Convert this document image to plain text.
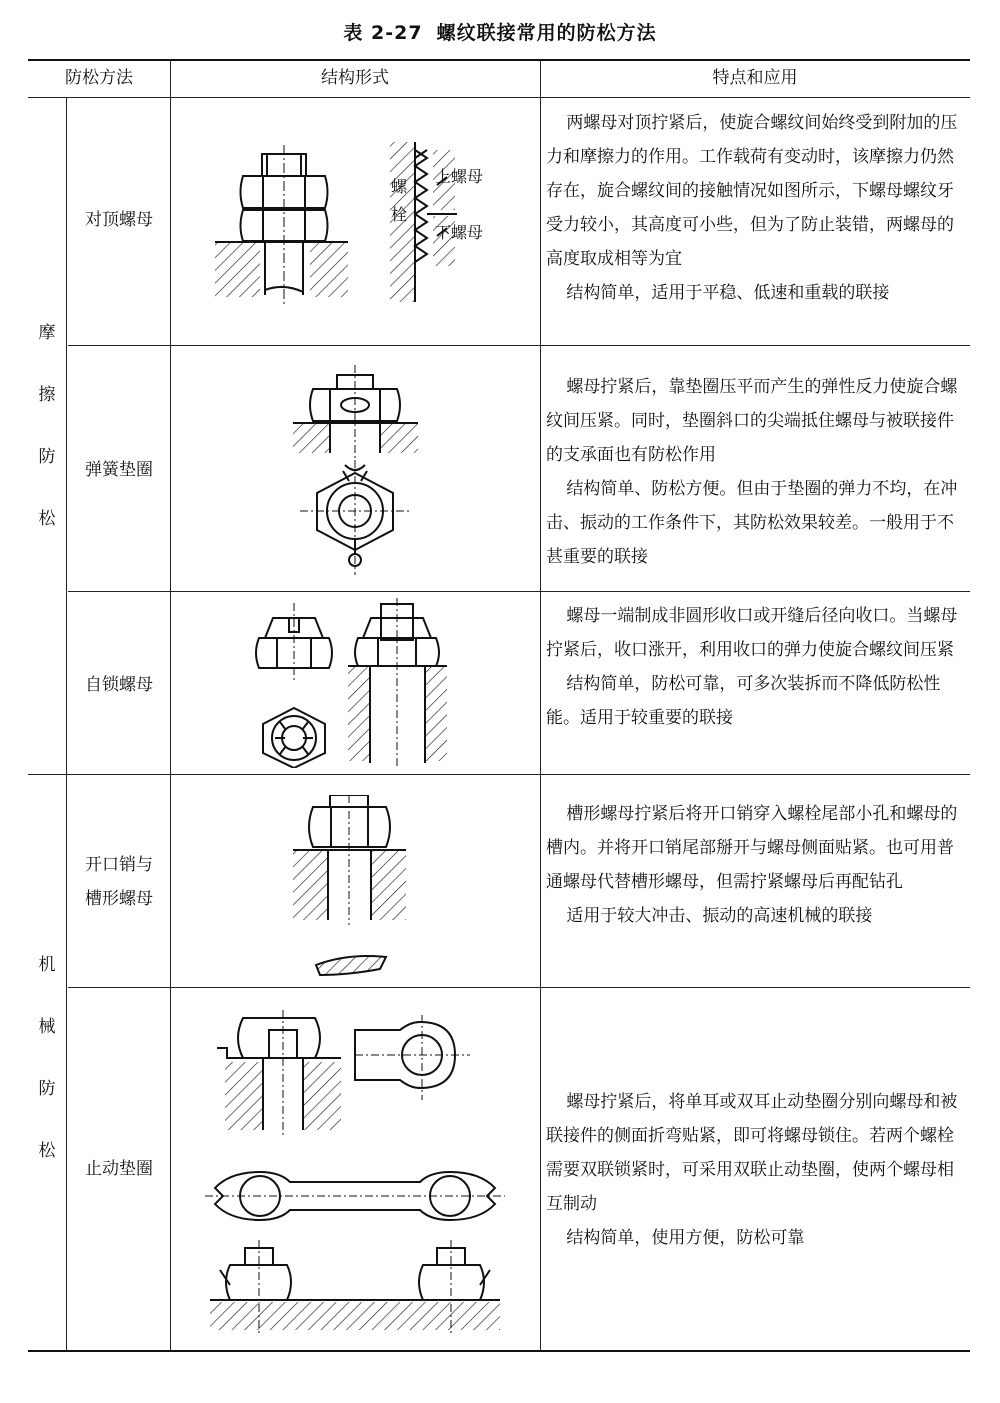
表 2-27 螺纹联接常用的防松方法
防松方法	结构形式	特点和应用
摩
擦
防
松
机
械
防
松
对顶螺母
弹簧垫圈
自锁螺母
开口销与
槽形螺母
止动垫圈

两螺母对顶拧紧后，使旋合螺纹间始终受到附加的压力和摩擦力的作用。工作载荷有变动时，该摩擦力仍然存在，旋合螺纹间的接触情况如图所示，下螺母螺纹牙受力较小，其高度可小些，但为了防止装错，两螺母的高度取成相等为宜

结构简单，适用于平稳、低速和重载的联接

螺母拧紧后，靠垫圈压平而产生的弹性反力使旋合螺纹间压紧。同时，垫圈斜口的尖端抵住螺母与被联接件的支承面也有防松作用

结构简单、防松方便。但由于垫圈的弹力不均，在冲击、振动的工作条件下，其防松效果较差。一般用于不甚重要的联接

螺母一端制成非圆形收口或开缝后径向收口。当螺母拧紧后，收口涨开，利用收口的弹力使旋合螺纹间压紧

结构简单，防松可靠，可多次装拆而不降低防松性能。适用于较重要的联接

槽形螺母拧紧后将开口销穿入螺栓尾部小孔和螺母的槽内。并将开口销尾部掰开与螺母侧面贴紧。也可用普通螺母代替槽形螺母，但需拧紧螺母后再配钻孔

适用于较大冲击、振动的高速机械的联接

螺母拧紧后，将单耳或双耳止动垫圈分别向螺母和被联接件的侧面折弯贴紧，即可将螺母锁住。若两个螺栓需要双联锁紧时，可采用双联止动垫圈，使两个螺母相互制动

结构简单，使用方便，防松可靠

上螺母
下螺母
螺
栓
